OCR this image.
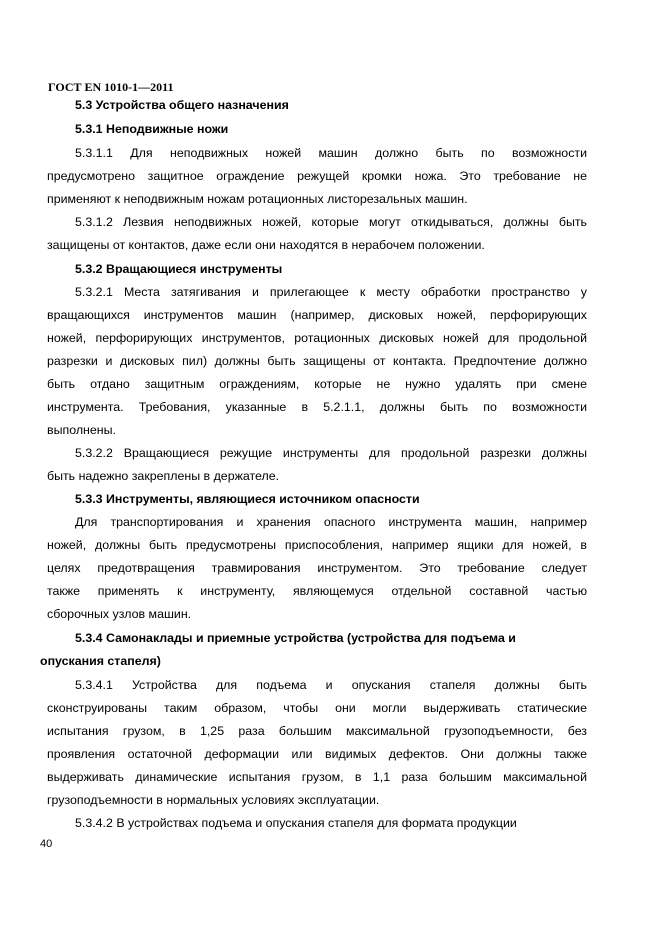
ГОСТ EN 1010-1—2011
5.3 Устройства общего назначения
5.3.1 Неподвижные ножи
5.3.1.1 Для неподвижных ножей машин должно быть по возможности
предусмотрено защитное ограждение режущей кромки ножа. Это требование не
применяют к неподвижным ножам ротационных листорезальных машин.
5.3.1.2 Лезвия неподвижных ножей, которые могут откидываться, должны быть
защищены от контактов, даже если они находятся в нерабочем положении.
5.3.2 Вращающиеся инструменты
5.3.2.1 Места затягивания и прилегающее к месту обработки пространство у
вращающихся инструментов машин (например, дисковых ножей, перфорирующих
ножей, перфорирующих инструментов, ротационных дисковых ножей для продольной
разрезки и дисковых пил) должны быть защищены от контакта. Предпочтение должно
быть отдано защитным ограждениям, которые не нужно удалять при смене
инструмента. Требования, указанные в 5.2.1.1, должны быть по возможности
выполнены.
5.3.2.2 Вращающиеся режущие инструменты для продольной разрезки должны
быть надежно закреплены в держателе.
5.3.3 Инструменты, являющиеся источником опасности
Для транспортирования и хранения опасного инструмента машин, например
ножей, должны быть предусмотрены приспособления, например ящики для ножей, в
целях предотвращения травмирования инструментом. Это требование следует
также применять к инструменту, являющемуся отдельной составной частью
сборочных узлов машин.
5.3.4 Самонаклады и приемные устройства (устройства для подъема и
опускания стапеля)
5.3.4.1 Устройства для подъема и опускания стапеля должны быть
сконструированы таким образом, чтобы они могли выдерживать статические
испытания грузом, в 1,25 раза большим максимальной грузоподъемности, без
проявления остаточной деформации или видимых дефектов. Они должны также
выдерживать динамические испытания грузом, в 1,1 раза большим максимальной
грузоподъемности в нормальных условиях эксплуатации.
5.3.4.2 В устройствах подъема и опускания стапеля для формата продукции
40
